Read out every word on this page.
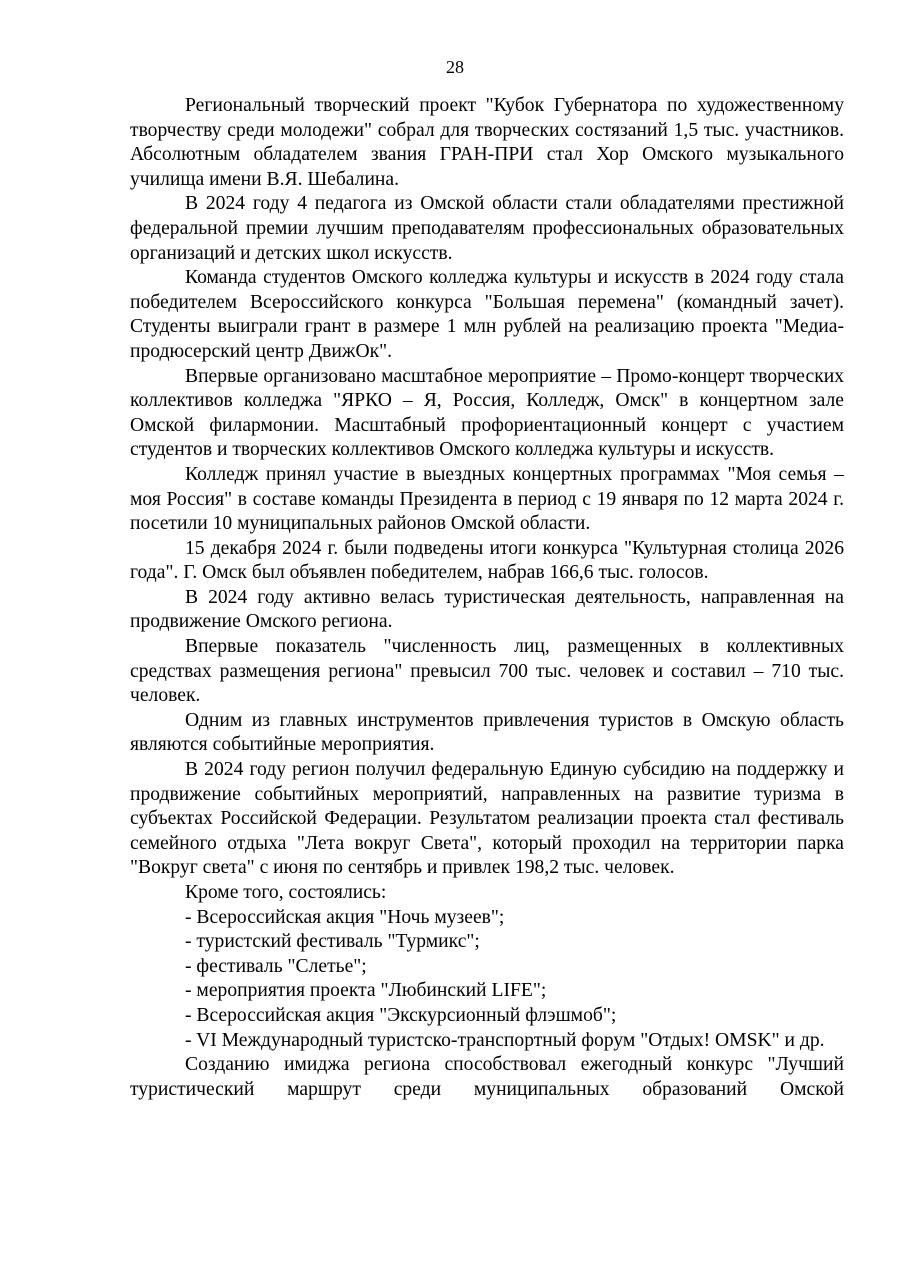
28

Региональный творческий проект "Кубок Губернатора по художественному творчеству среди молодежи" собрал для творческих состязаний 1,5 тыс. участников. Абсолютным обладателем звания ГРАН-ПРИ стал Хор Омского музыкального училища имени В.Я. Шебалина.

В 2024 году 4 педагога из Омской области стали обладателями престижной федеральной премии лучшим преподавателям профессиональных образовательных организаций и детских школ искусств.

Команда студентов Омского колледжа культуры и искусств в 2024 году стала победителем Всероссийского конкурса "Большая перемена" (командный зачет). Студенты выиграли грант в размере 1 млн рублей на реализацию проекта "Медиа-продюсерский центр ДвижОк".

Впервые организовано масштабное мероприятие – Промо-концерт творческих коллективов колледжа "ЯРКО – Я, Россия, Колледж, Омск" в концертном зале Омской филармонии. Масштабный профориентационный концерт с участием студентов и творческих коллективов Омского колледжа культуры и искусств.

Колледж принял участие в выездных концертных программах "Моя семья – моя Россия" в составе команды Президента в период с 19 января по 12 марта 2024 г. посетили 10 муниципальных районов Омской области.

15 декабря 2024 г. были подведены итоги конкурса "Культурная столица 2026 года". Г. Омск был объявлен победителем, набрав 166,6 тыс. голосов.

В 2024 году активно велась туристическая деятельность, направленная на продвижение Омского региона.

Впервые показатель "численность лиц, размещенных в коллективных средствах размещения региона" превысил 700 тыс. человек и составил – 710 тыс. человек.

Одним из главных инструментов привлечения туристов в Омскую область являются событийные мероприятия.

В 2024 году регион получил федеральную Единую субсидию на поддержку и продвижение событийных мероприятий, направленных на развитие туризма в субъектах Российской Федерации. Результатом реализации проекта стал фестиваль семейного отдыха "Лета вокруг Света", который проходил на территории парка "Вокруг света" с июня по сентябрь и привлек 198,2 тыс. человек.

Кроме того, состоялись:

- Всероссийская акция "Ночь музеев";

- туристский фестиваль "Турмикс";

- фестиваль "Слетье";

- мероприятия проекта "Любинский LIFE";

- Всероссийская акция "Экскурсионный флэшмоб";

- VI Международный туристско-транспортный форум "Отдых! OMSK" и др.

Созданию имиджа региона способствовал ежегодный конкурс "Лучший туристический маршрут среди муниципальных образований Омской
